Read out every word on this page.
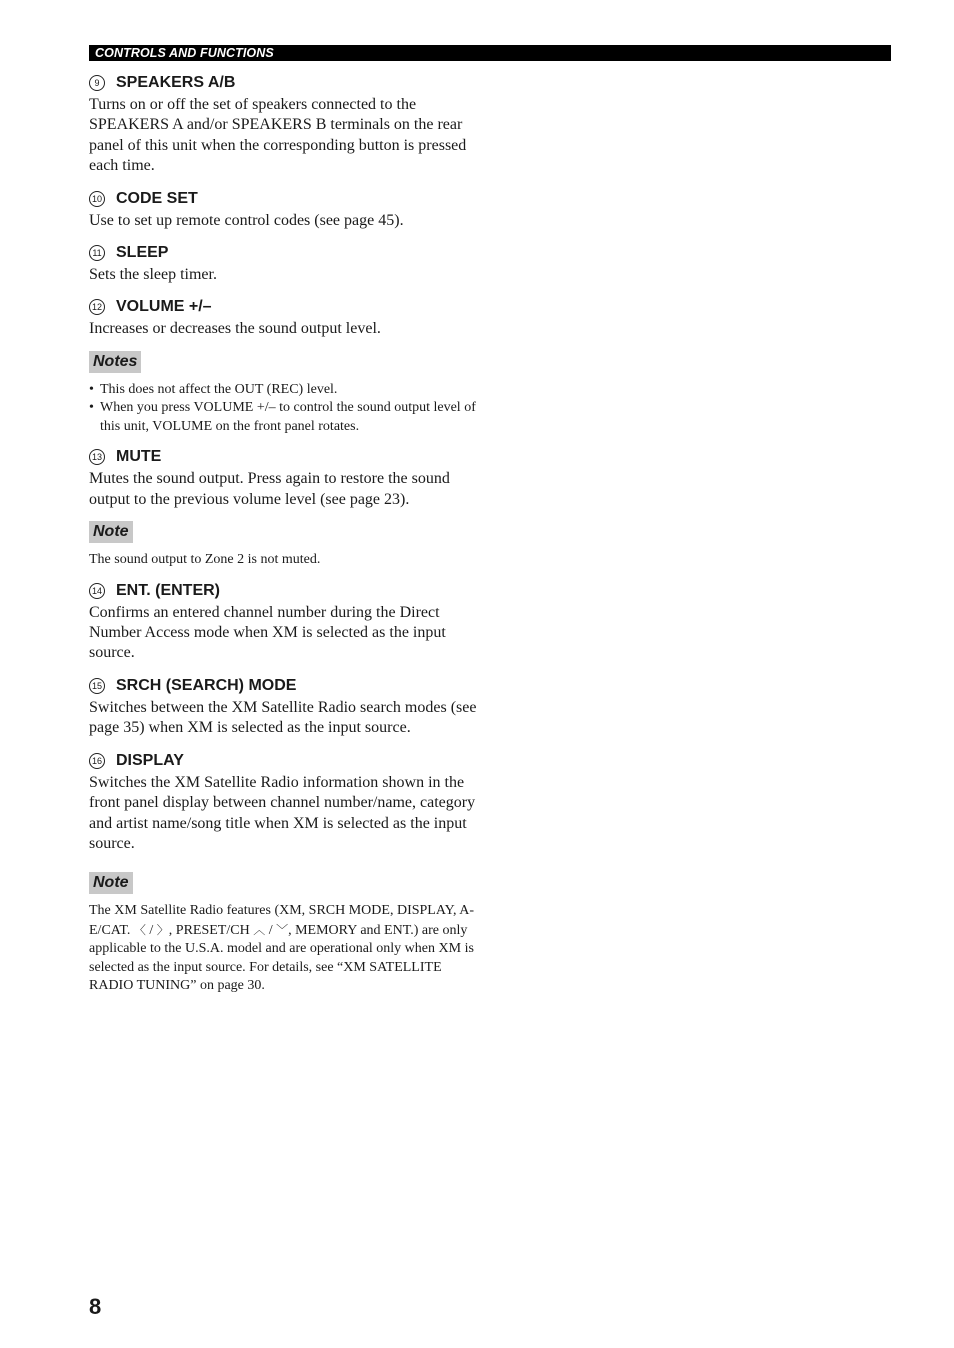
CONTROLS AND FUNCTIONS

9	SPEAKERS A/B

Turns on or off the set of speakers connected to the SPEAKERS A and/or SPEAKERS B terminals on the rear panel of this unit when the corresponding button is pressed each time.

10 CODE SET

Use to set up remote control codes (see page 45).

11 SLEEP

Sets the sleep timer.

12 VOLUME +/–

Increases or decreases the sound output level.

Notes

• This does not affect the OUT (REC) level.
• When you press VOLUME +/– to control the sound output level of this unit, VOLUME on the front panel rotates.

13 MUTE

Mutes the sound output. Press again to restore the sound output to the previous volume level (see page 23).

Note

The sound output to Zone 2 is not muted.

14 ENT. (ENTER)

Confirms an entered channel number during the Direct Number Access mode when XM is selected as the input source.

15 SRCH (SEARCH) MODE

Switches between the XM Satellite Radio search modes (see page 35) when XM is selected as the input source.

16 DISPLAY

Switches the XM Satellite Radio information shown in the front panel display between channel number/name, category and artist name/song title when XM is selected as the input source.

Note

The XM Satellite Radio features (XM, SRCH MODE, DISPLAY, A-E/CAT. 〈 / 〉, PRESET/CH ︿ / ﹀, MEMORY and ENT.) are only applicable to the U.S.A. model and are operational only when XM is selected as the input source. For details, see “XM SATELLITE RADIO TUNING” on page 30.

8
